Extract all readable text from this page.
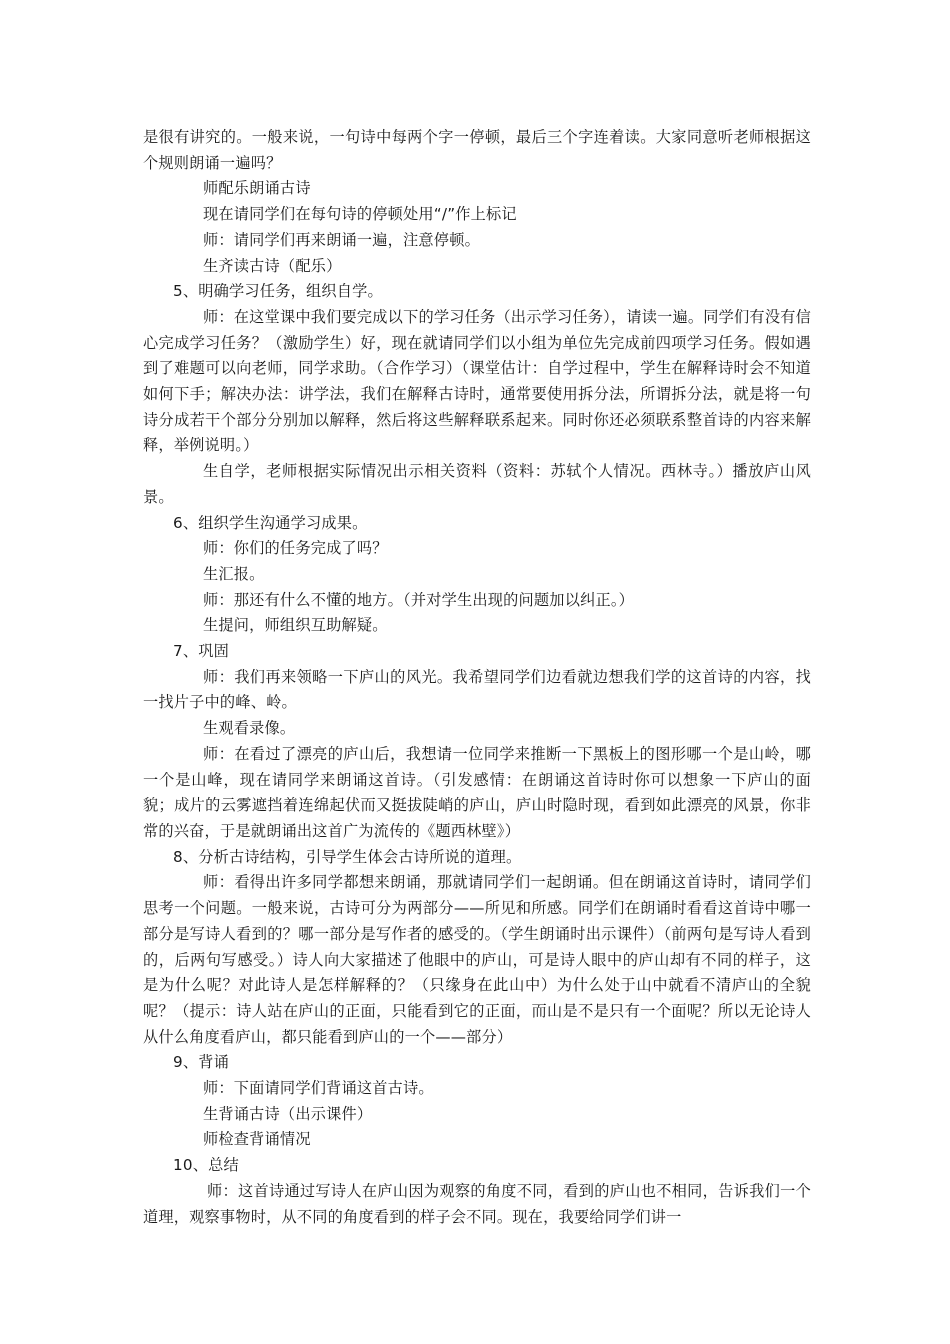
是很有讲究的。一般来说，一句诗中每两个字一停顿，最后三个字连着读。大家同意听老师根据这个规则朗诵一遍吗？

师配乐朗诵古诗

现在请同学们在每句诗的停顿处用“/”作上标记

师：请同学们再来朗诵一遍，注意停顿。

生齐读古诗（配乐）

5、明确学习任务，组织自学。

师：在这堂课中我们要完成以下的学习任务（出示学习任务），请读一遍。同学们有没有信心完成学习任务？（激励学生）好，现在就请同学们以小组为单位先完成前四项学习任务。假如遇到了难题可以向老师，同学求助。（合作学习）（课堂估计：自学过程中，学生在解释诗时会不知道如何下手；解决办法：讲学法，我们在解释古诗时，通常要使用拆分法，所谓拆分法，就是将一句诗分成若干个部分分别加以解释，然后将这些解释联系起来。同时你还必须联系整首诗的内容来解释，举例说明。）

生自学，老师根据实际情况出示相关资料（资料：苏轼个人情况。西林寺。）播放庐山风景。

6、组织学生沟通学习成果。

师：你们的任务完成了吗？

生汇报。

师：那还有什么不懂的地方。（并对学生出现的问题加以纠正。）

生提问，师组织互助解疑。

7、巩固

师：我们再来领略一下庐山的风光。我希望同学们边看就边想我们学的这首诗的内容，找一找片子中的峰、岭。

生观看录像。

师：在看过了漂亮的庐山后，我想请一位同学来推断一下黑板上的图形哪一个是山岭，哪一个是山峰，现在请同学来朗诵这首诗。（引发感情：在朗诵这首诗时你可以想象一下庐山的面貌；成片的云雾遮挡着连绵起伏而又挺拔陡峭的庐山，庐山时隐时现，看到如此漂亮的风景，你非常的兴奋，于是就朗诵出这首广为流传的《题西林壁》）

8、分析古诗结构，引导学生体会古诗所说的道理。

师：看得出许多同学都想来朗诵，那就请同学们一起朗诵。但在朗诵这首诗时，请同学们思考一个问题。一般来说，古诗可分为两部分——所见和所感。同学们在朗诵时看看这首诗中哪一部分是写诗人看到的？哪一部分是写作者的感受的。（学生朗诵时出示课件）（前两句是写诗人看到的，后两句写感受。）诗人向大家描述了他眼中的庐山，可是诗人眼中的庐山却有不同的样子，这是为什么呢？对此诗人是怎样解释的？（只缘身在此山中）为什么处于山中就看不清庐山的全貌呢？（提示：诗人站在庐山的正面，只能看到它的正面，而山是不是只有一个面呢？所以无论诗人从什么角度看庐山，都只能看到庐山的一个——部分）

9、背诵

师：下面请同学们背诵这首古诗。

生背诵古诗（出示课件）

师检查背诵情况

10、总结

师：这首诗通过写诗人在庐山因为观察的角度不同，看到的庐山也不相同，告诉我们一个道理，观察事物时，从不同的角度看到的样子会不同。现在，我要给同学们讲一
